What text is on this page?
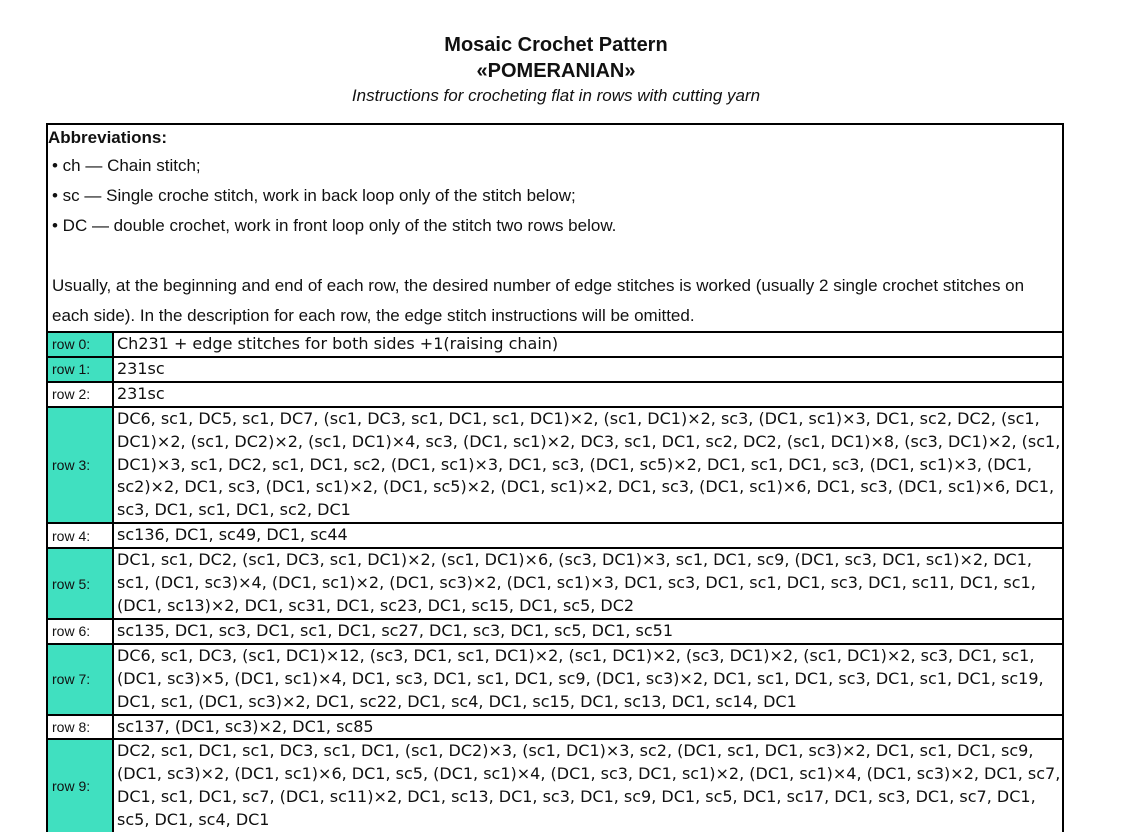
Mosaic Crochet Pattern
«POMERANIAN»
Instructions for crocheting flat in rows with cutting yarn
Abbreviations:
• ch — Chain stitch;
• sc — Single croche stitch, work in back loop only of the stitch below;
• DC — double crochet, work in front loop only of the stitch two rows below.
Usually, at the beginning and end of each row, the desired number of edge stitches is worked (usually 2 single crochet stitches on each side). In the description for each row, the edge stitch instructions will be omitted.
row 0:	Ch231 + edge stitches for both sides +1(raising chain)
row 1:	231sc
row 2:	231sc
row 3:
DC6, sc1, DC5, sc1, DC7, (sc1, DC3, sc1, DC1, sc1, DC1)×2, (sc1, DC1)×2, sc3, (DC1, sc1)×3, DC1, sc2, DC2, (sc1, DC1)×2, (sc1, DC2)×2, (sc1, DC1)×4, sc3, (DC1, sc1)×2, DC3, sc1, DC1, sc2, DC2, (sc1, DC1)×8, (sc3, DC1)×2, (sc1, DC1)×3, sc1, DC2, sc1, DC1, sc2, (DC1, sc1)×3, DC1, sc3, (DC1, sc5)×2, DC1, sc1, DC1, sc3, (DC1, sc1)×3, (DC1, sc2)×2, DC1, sc3, (DC1, sc1)×2, (DC1, sc5)×2, (DC1, sc1)×2, DC1, sc3, (DC1, sc1)×6, DC1, sc3, (DC1, sc1)×6, DC1, sc3, DC1, sc1, DC1, sc2, DC1
row 4:	sc136, DC1, sc49, DC1, sc44
row 5:
DC1, sc1, DC2, (sc1, DC3, sc1, DC1)×2, (sc1, DC1)×6, (sc3, DC1)×3, sc1, DC1, sc9, (DC1, sc3, DC1, sc1)×2, DC1, sc1, (DC1, sc3)×4, (DC1, sc1)×2, (DC1, sc3)×2, (DC1, sc1)×3, DC1, sc3, DC1, sc1, DC1, sc3, DC1, sc11, DC1, sc1, (DC1, sc13)×2, DC1, sc31, DC1, sc23, DC1, sc15, DC1, sc5, DC2
row 6:	sc135, DC1, sc3, DC1, sc1, DC1, sc27, DC1, sc3, DC1, sc5, DC1, sc51
row 7:
DC6, sc1, DC3, (sc1, DC1)×12, (sc3, DC1, sc1, DC1)×2, (sc1, DC1)×2, (sc3, DC1)×2, (sc1, DC1)×2, sc3, DC1, sc1, (DC1, sc3)×5, (DC1, sc1)×4, DC1, sc3, DC1, sc1, DC1, sc9, (DC1, sc3)×2, DC1, sc1, DC1, sc3, DC1, sc1, DC1, sc19, DC1, sc1, (DC1, sc3)×2, DC1, sc22, DC1, sc4, DC1, sc15, DC1, sc13, DC1, sc14, DC1
row 8:	sc137, (DC1, sc3)×2, DC1, sc85
row 9:
DC2, sc1, DC1, sc1, DC3, sc1, DC1, (sc1, DC2)×3, (sc1, DC1)×3, sc2, (DC1, sc1, DC1, sc3)×2, DC1, sc1, DC1, sc9, (DC1, sc3)×2, (DC1, sc1)×6, DC1, sc5, (DC1, sc1)×4, (DC1, sc3, DC1, sc1)×2, (DC1, sc1)×4, (DC1, sc3)×2, DC1, sc7, DC1, sc1, DC1, sc7, (DC1, sc11)×2, DC1, sc13, DC1, sc3, DC1, sc9, DC1, sc5, DC1, sc17, DC1, sc3, DC1, sc7, DC1, sc5, DC1, sc4, DC1
